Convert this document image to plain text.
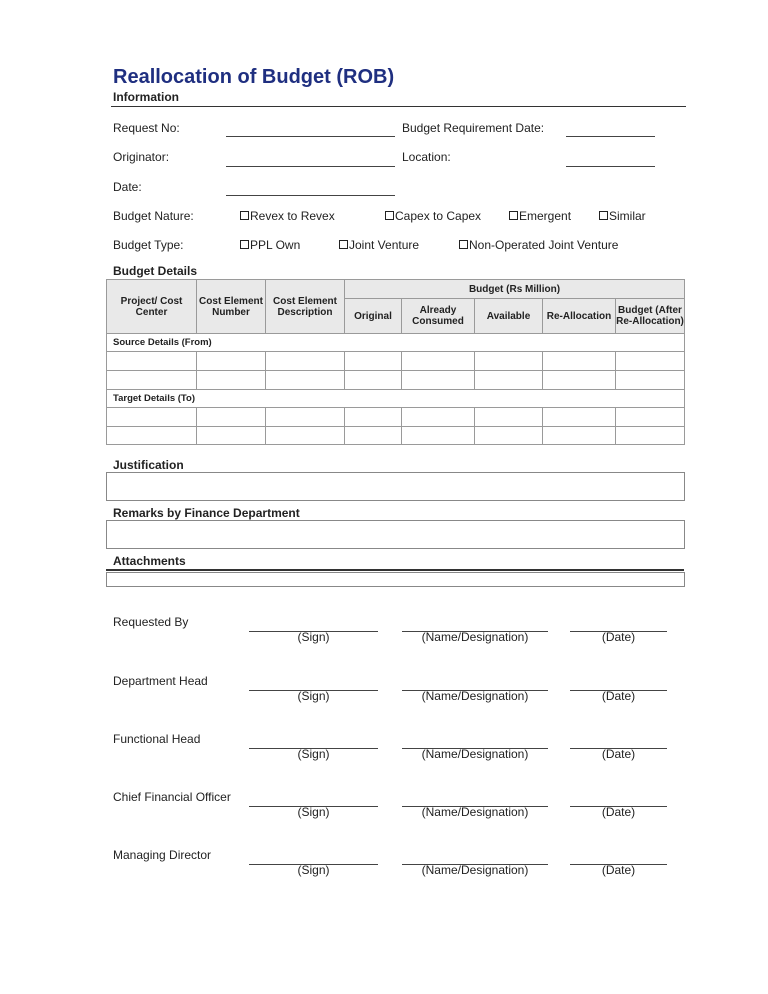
Reallocation of Budget (ROB)
Information
Request No:	Budget Requirement Date:
Originator:	Location:
Date:
Budget Nature:	Revex to Revex	Capex to Capex	Emergent	Similar
Budget Type:	PPL Own	Joint Venture	Non-Operated Joint Venture
Budget Details
Project/ Cost Center	Cost Element Number	Cost Element Description	Budget (Rs Million)				
			Original	Already Consumed	Available	Re-Allocation	Budget (After Re-Allocation)
Source Details (From)							

Target Details (To)							

Justification
Remarks by Finance Department
Attachments
Requested By
(Sign)	(Name/Designation)	(Date)
Department Head
(Sign)	(Name/Designation)	(Date)
Functional Head
(Sign)	(Name/Designation)	(Date)
Chief Financial Officer
(Sign)	(Name/Designation)	(Date)
Managing Director
(Sign)	(Name/Designation)	(Date)
